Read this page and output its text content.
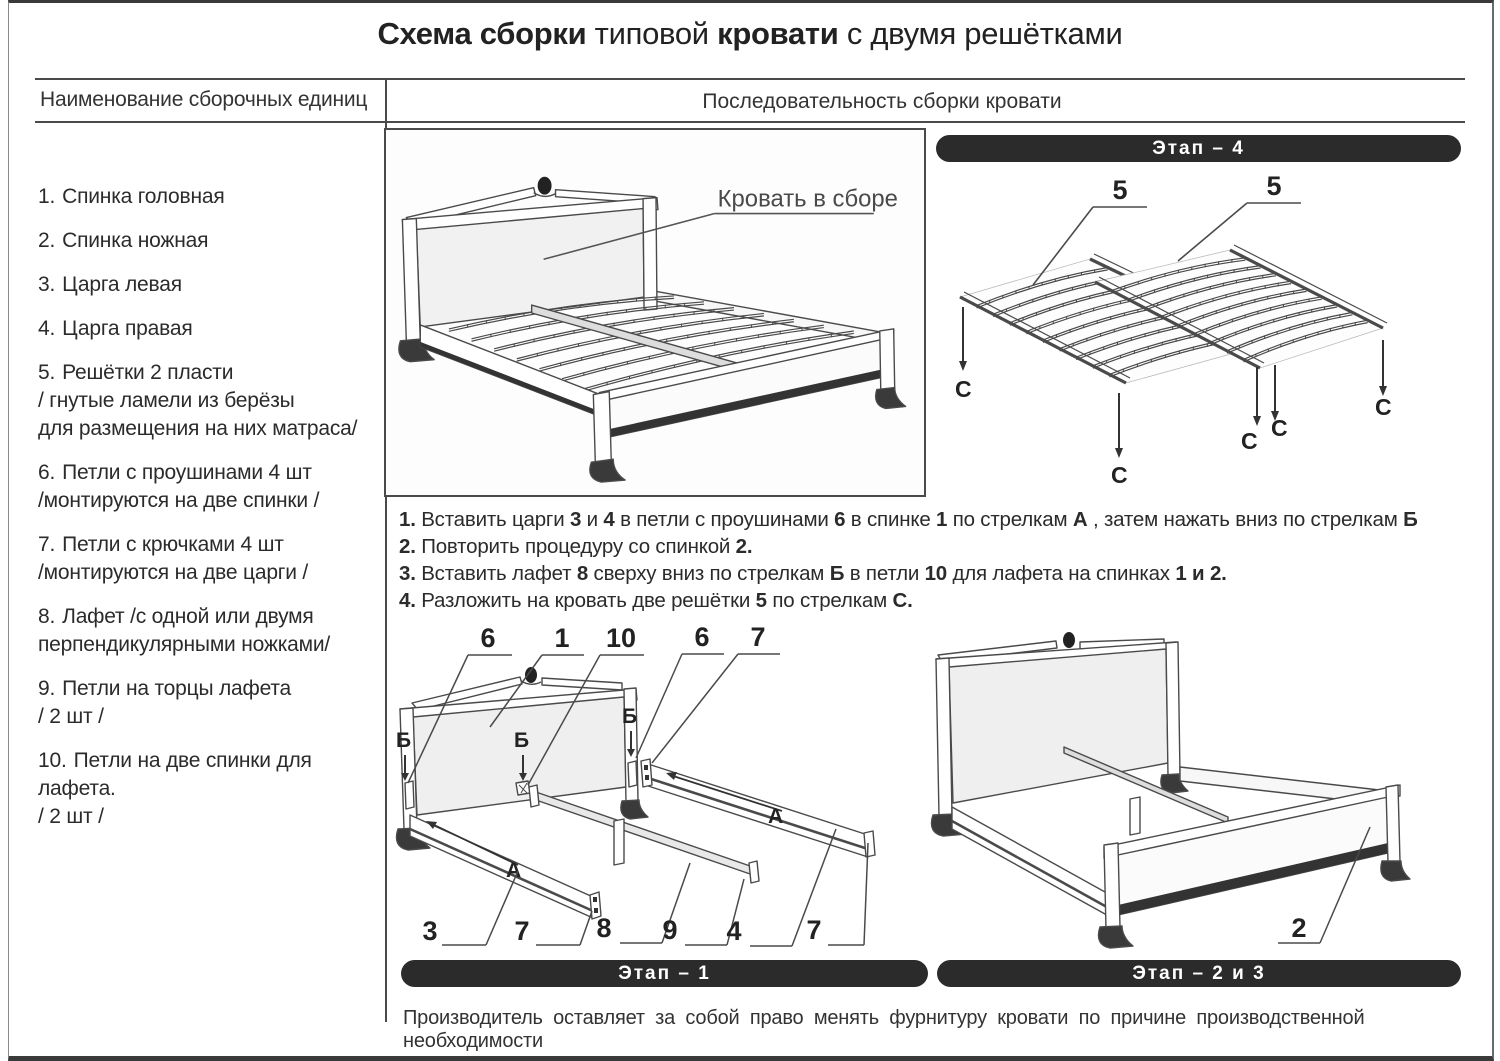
Схема сборки типовой кровати с двумя решётками
Наименование сборочных единиц	Последовательность сборки кровати
1. Спинка головная
2. Спинка ножная
3. Царга левая
4. Царга правая
5. Решётки 2 пласти
/ гнутые ламели из берёзы
для размещения на них матраса/
6. Петли с проушинами 4 шт
/монтируются на две спинки /
7. Петли с крючками 4 шт
/монтируются на две царги /
8. Лафет /с одной или двумя
перпендикулярными ножками/
9. Петли на торцы лафета
/ 2 шт /
10. Петли на две спинки для лафета.
/ 2 шт /
Кровать в сборе
Этап – 4
5	5
С
С
С С
С
1. Вставить царги 3 и 4 в петли с проушинами 6 в спинке 1 по стрелкам А , затем нажать вниз по стрелкам Б
2. Повторить процедуру со спинкой 2.
3. Вставить лафет 8 сверху вниз по стрелкам Б в петли 10 для лафета на спинках 1 и 2.
4. Разложить на кровать две решётки 5 по стрелкам С.
6 1 10 6 7
Б	Б
Б
А
А
3	7 8 9 4 7
Этап – 1
2
Этап – 2 и 3
Производитель оставляет за собой право менять фурнитуру кровати по причине производственной необходимости
